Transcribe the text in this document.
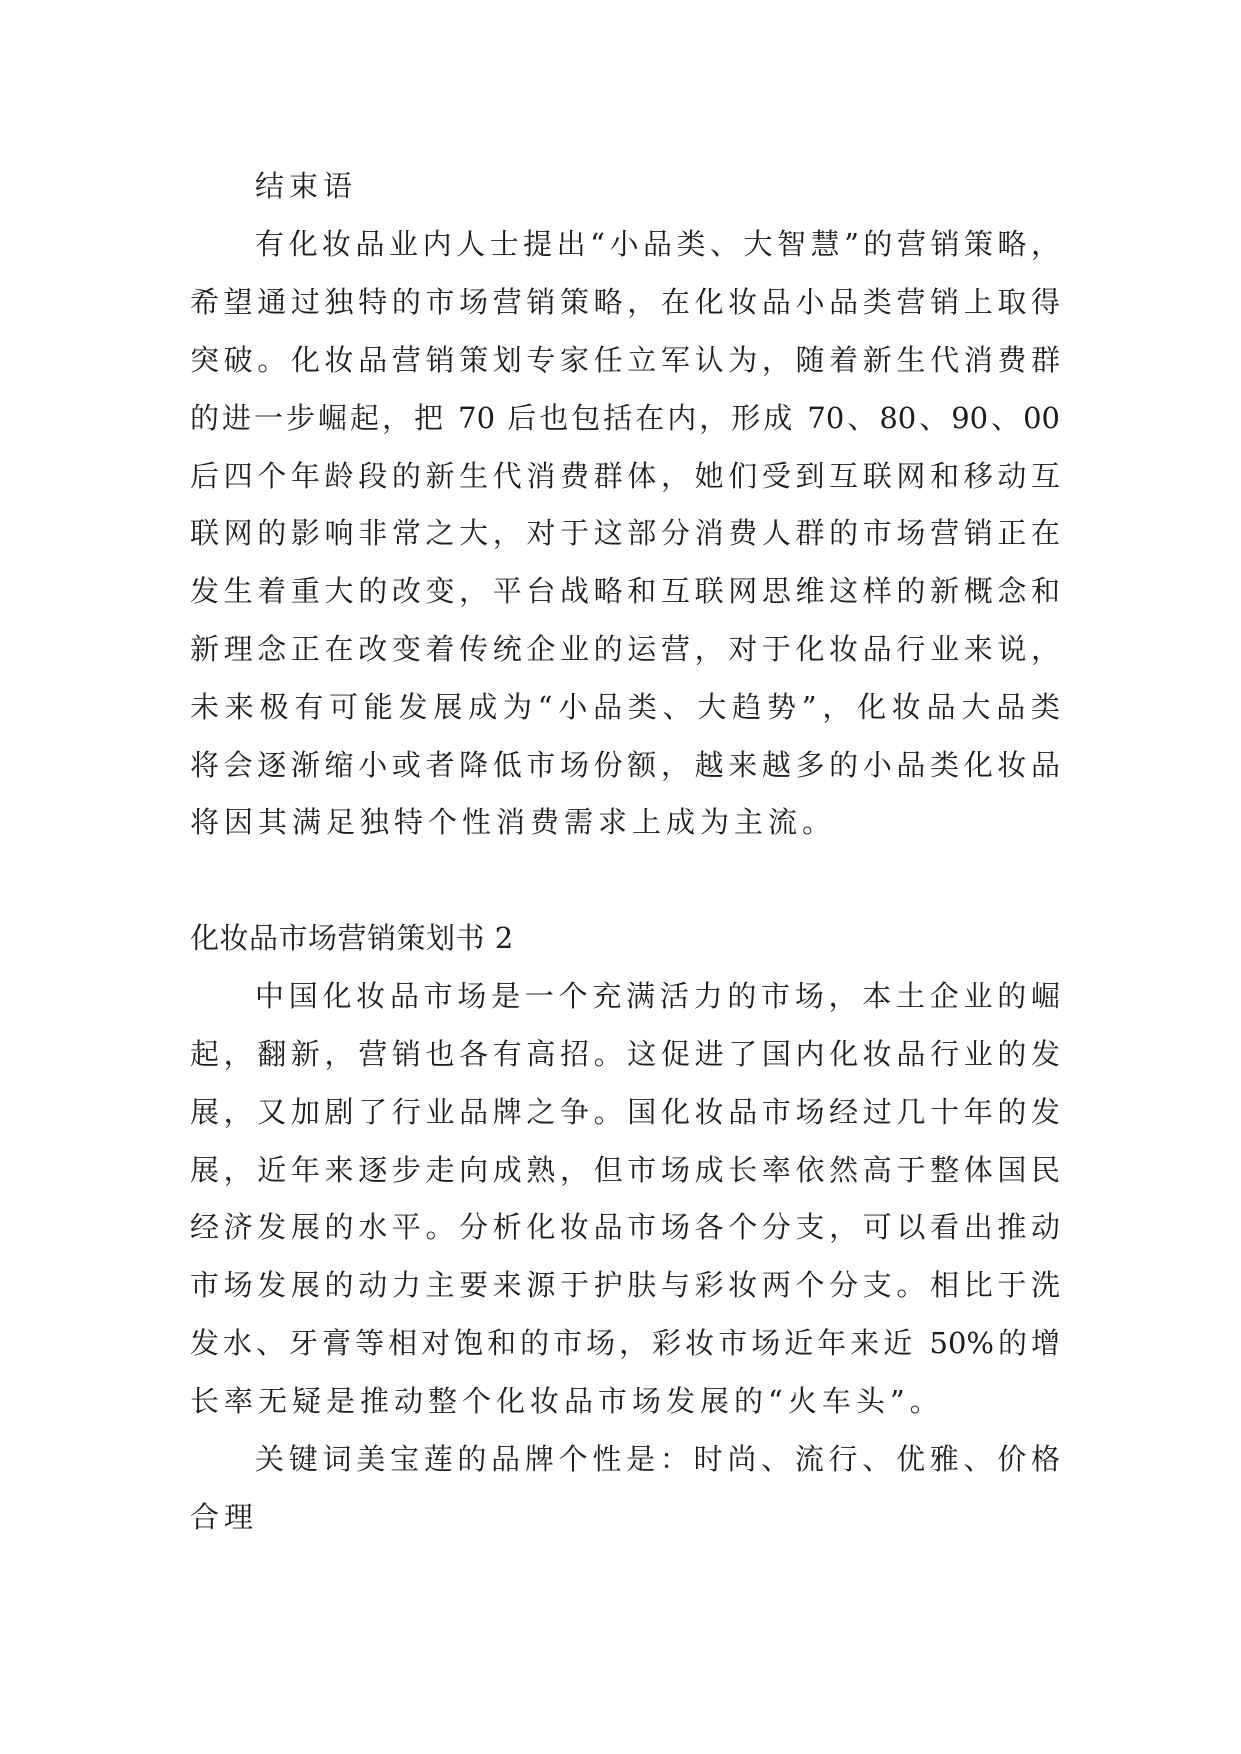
结束语
有化妆品业内人士提出“小品类、大智慧”的营销策略，
希望通过独特的市场营销策略，在化妆品小品类营销上取得
突破。化妆品营销策划专家任立军认为，随着新生代消费群
的进一步崛起，把 70 后也包括在内，形成 70、80、90、00
后四个年龄段的新生代消费群体，她们受到互联网和移动互
联网的影响非常之大，对于这部分消费人群的市场营销正在
发生着重大的改变，平台战略和互联网思维这样的新概念和
新理念正在改变着传统企业的运营，对于化妆品行业来说，
未来极有可能发展成为“小品类、大趋势”，化妆品大品类
将会逐渐缩小或者降低市场份额，越来越多的小品类化妆品
将因其满足独特个性消费需求上成为主流。
化妆品市场营销策划书 2
中国化妆品市场是一个充满活力的市场，本土企业的崛
起，翻新，营销也各有高招。这促进了国内化妆品行业的发
展，又加剧了行业品牌之争。国化妆品市场经过几十年的发
展，近年来逐步走向成熟，但市场成长率依然高于整体国民
经济发展的水平。分析化妆品市场各个分支，可以看出推动
市场发展的动力主要来源于护肤与彩妆两个分支。相比于洗
发水、牙膏等相对饱和的市场，彩妆市场近年来近 50%的增
长率无疑是推动整个化妆品市场发展的“火车头”。
关键词美宝莲的品牌个性是：时尚、流行、优雅、价格
合理
